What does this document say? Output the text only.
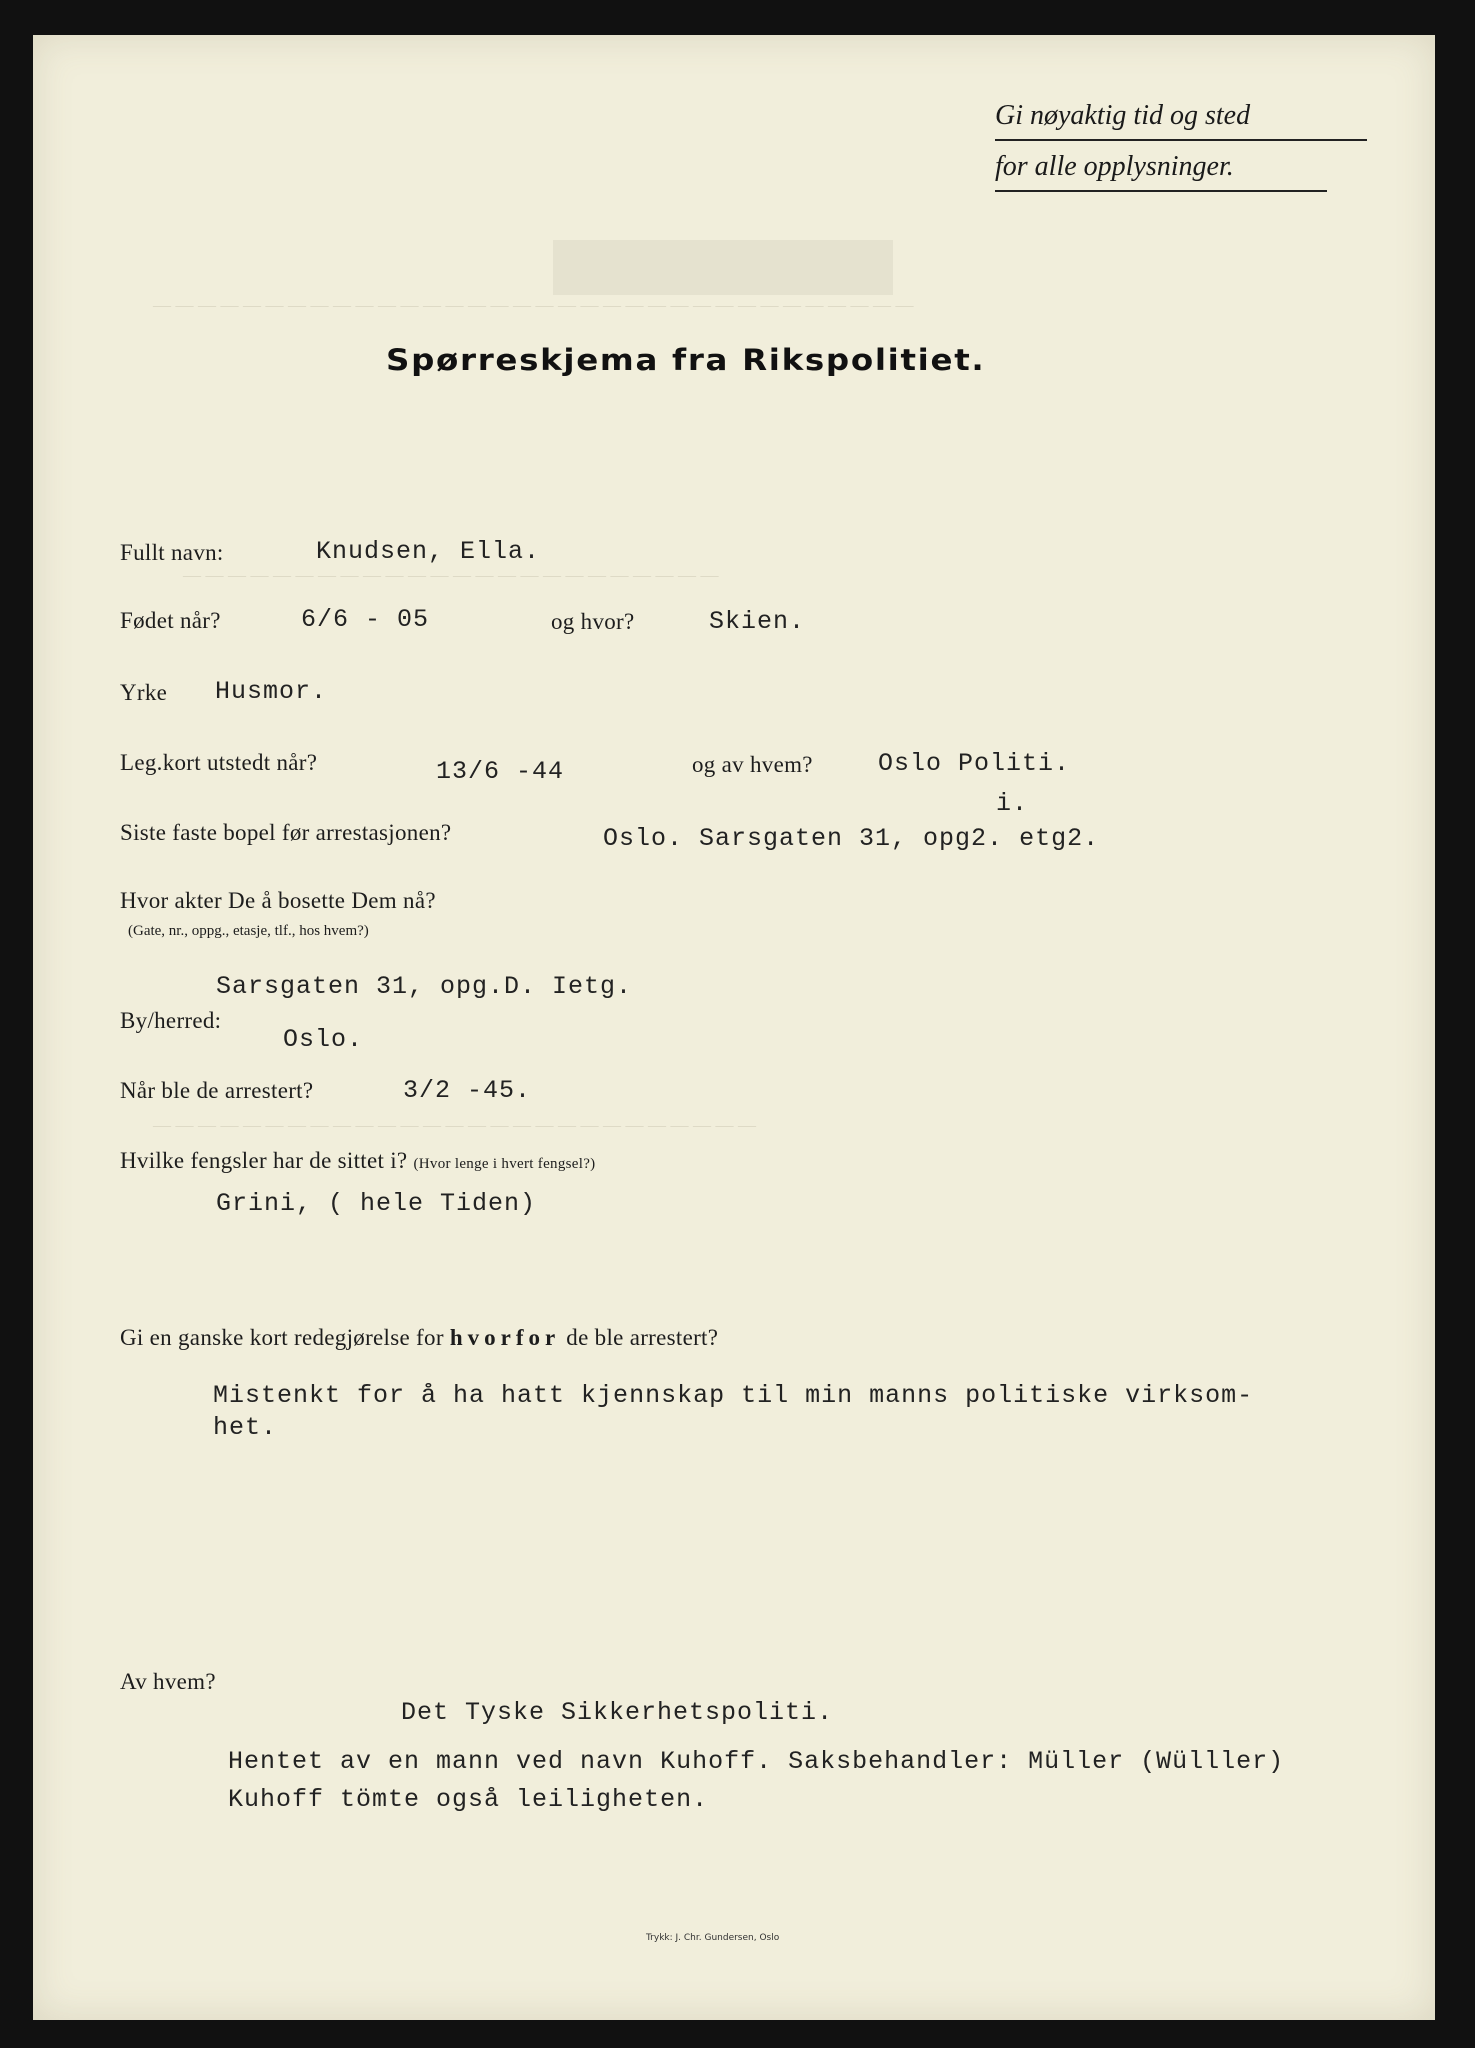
— — — — — — — — — — — — — — — — — — — — — — — — — — — — — — — — — —
— — — — — — — — — — — — — — — — — — — — — — — —
— — — — — — — — — — — — — — — — — — — — — — — — — — —
Gi nøyaktig tid og sted
for alle opplysninger.
Spørreskjema fra Rikspolitiet.
Fullt navn:	Knudsen, Ella.
Fødet når?	6/6 - 05	og hvor?	Skien.
Yrke Husmor.
Leg.kort utstedt når?	13/6 -44	og av hvem?	Oslo Politi.
i.
Siste faste bopel før arrestasjonen?	Oslo. Sarsgaten 31, opg2. etg2.
Hvor akter De å bosette Dem nå?
(Gate, nr., oppg., etasje, tlf., hos hvem?)
Sarsgaten 31, opg.D. Ietg.
By/herred:
Oslo.
Når ble de arrestert?	3/2 -45.
Hvilke fengsler har de sittet i? (Hvor lenge i hvert fengsel?)
Grini, ( hele Tiden)
Gi en ganske kort redegjørelse for hvorfor de ble arrestert?
Mistenkt for å ha hatt kjennskap til min manns politiske virksom-
het.
Av hvem?
Det Tyske Sikkerhetspoliti.
Hentet av en mann ved navn Kuhoff. Saksbehandler: Müller (Wülller)
Kuhoff tömte også leiligheten.
Trykk: J. Chr. Gundersen, Oslo
